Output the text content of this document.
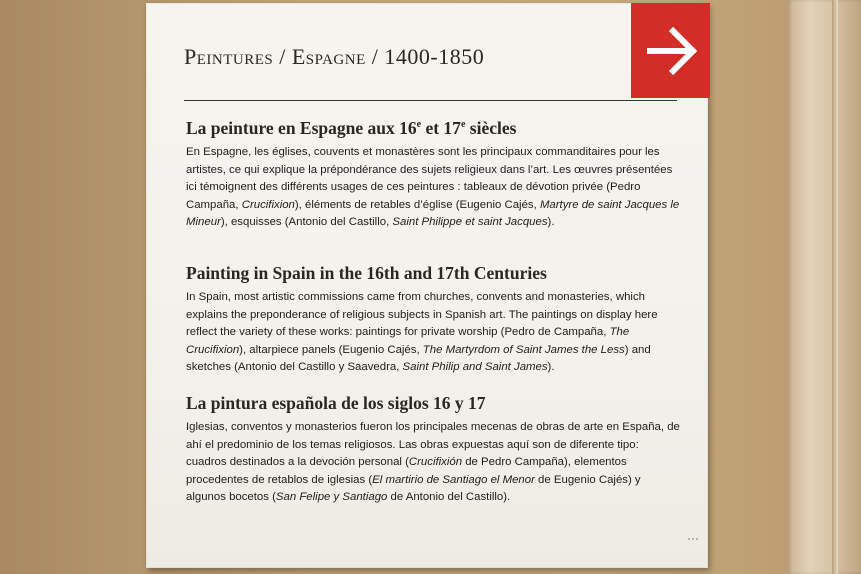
Peintures / Espagne / 1400-1850
La peinture en Espagne aux 16e et 17e siècles

En Espagne, les églises, couvents et monastères sont les principaux commanditaires pour les artistes, ce qui explique la prépondérance des sujets religieux dans l’art. Les œuvres présentées ici témoignent des différents usages de ces peintures : tableaux de dévotion privée (Pedro Campaña, Crucifixion), éléments de retables d’église (Eugenio Cajés, Martyre de saint Jacques le Mineur), esquisses (Antonio del Castillo, Saint Philippe et saint Jacques).

Painting in Spain in the 16th and 17th Centuries

In Spain, most artistic commissions came from churches, convents and monasteries, which explains the preponderance of religious subjects in Spanish art. The paintings on display here reflect the variety of these works: paintings for private worship (Pedro de Campaña, The Crucifixion), altarpiece panels (Eugenio Cajés, The Martyrdom of Saint James the Less) and sketches (Antonio del Castillo y Saavedra, Saint Philip and Saint James).

La pintura española de los siglos 16 y 17

Iglesias, conventos y monasterios fueron los principales mecenas de obras de arte en España, de ahí el predominio de los temas religiosos. Las obras expuestas aquí son de diferente tipo: cuadros destinados a la devoción personal (Crucifixión de Pedro Campaña), elementos procedentes de retablos de iglesias (El martirio de Santiago el Menor de Eugenio Cajés) y algunos bocetos (San Felipe y Santiago de Antonio del Castillo).
